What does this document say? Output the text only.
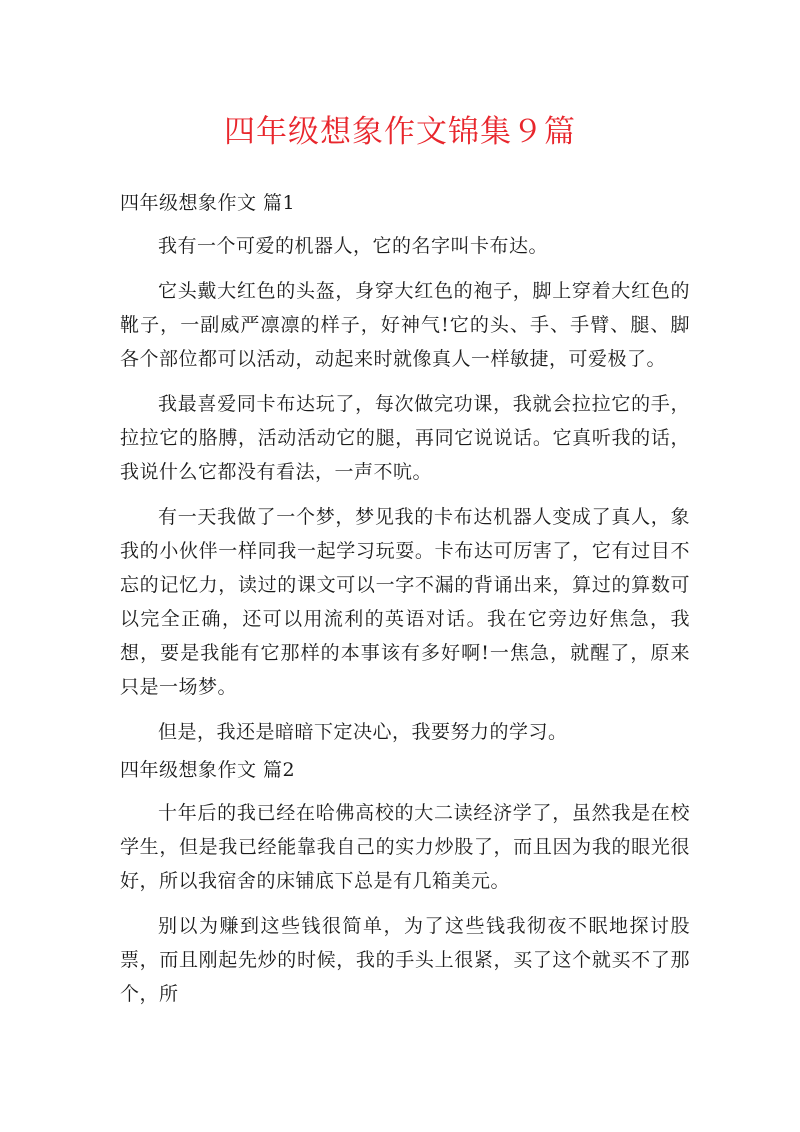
四年级想象作文锦集９篇
四年级想象作文 篇1

我有一个可爱的机器人，它的名字叫卡布达。

它头戴大红色的头盔，身穿大红色的袍子，脚上穿着大红色的靴子，一副威严凛凛的样子，好神气!它的头、手、手臂、腿、脚各个部位都可以活动，动起来时就像真人一样敏捷，可爱极了。

我最喜爱同卡布达玩了，每次做完功课，我就会拉拉它的手，拉拉它的胳膊，活动活动它的腿，再同它说说话。它真听我的话，我说什么它都没有看法，一声不吭。

有一天我做了一个梦，梦见我的卡布达机器人变成了真人，象我的小伙伴一样同我一起学习玩耍。卡布达可厉害了，它有过目不忘的记忆力，读过的课文可以一字不漏的背诵出来，算过的算数可以完全正确，还可以用流利的英语对话。我在它旁边好焦急，我想，要是我能有它那样的本事该有多好啊!一焦急，就醒了，原来只是一场梦。

但是，我还是暗暗下定决心，我要努力的学习。

四年级想象作文 篇2

十年后的我已经在哈佛高校的大二读经济学了，虽然我是在校学生，但是我已经能靠我自己的实力炒股了，而且因为我的眼光很好，所以我宿舍的床铺底下总是有几箱美元。

别以为赚到这些钱很简单，为了这些钱我彻夜不眠地探讨股票，而且刚起先炒的时候，我的手头上很紧，买了这个就买不了那个，所
